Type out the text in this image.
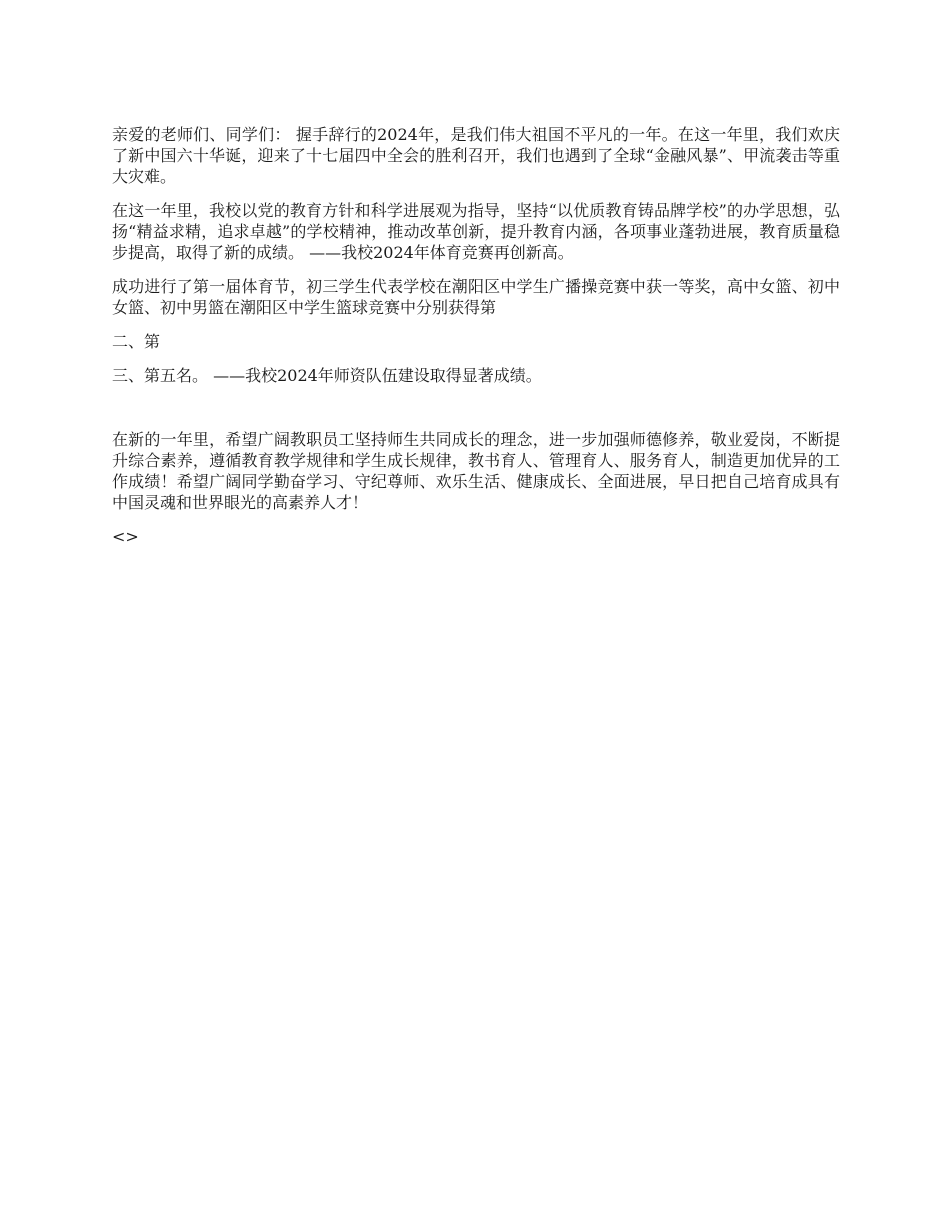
亲爱的老师们、同学们： 握手辞行的2024年，是我们伟大祖国不平凡的一年。在这一年里，我们欢庆了新中国六十华诞，迎来了十七届四中全会的胜利召开，我们也遇到了全球“金融风暴”、甲流袭击等重大灾难。

在这一年里，我校以党的教育方针和科学进展观为指导，坚持“以优质教育铸品牌学校”的办学思想，弘扬“精益求精，追求卓越”的学校精神，推动改革创新，提升教育内涵，各项事业蓬勃进展，教育质量稳步提高，取得了新的成绩。 ——我校2024年体育竞赛再创新高。

成功进行了第一届体育节，初三学生代表学校在潮阳区中学生广播操竞赛中获一等奖，高中女篮、初中女篮、初中男篮在潮阳区中学生篮球竞赛中分别获得第

二、第

三、第五名。 ——我校2024年师资队伍建设取得显著成绩。

在新的一年里，希望广阔教职员工坚持师生共同成长的理念，进一步加强师德修养，敬业爱岗，不断提升综合素养，遵循教育教学规律和学生成长规律，教书育人、管理育人、服务育人，制造更加优异的工作成绩！希望广阔同学勤奋学习、守纪尊师、欢乐生活、健康成长、全面进展，早日把自己培育成具有中国灵魂和世界眼光的高素养人才！

<>
